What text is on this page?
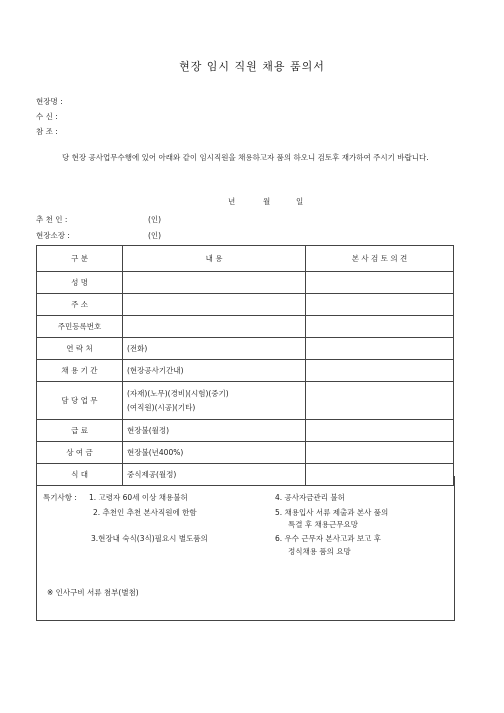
현장 임시 직원 채용 품의서
현장명 :
수 신 :
참 조 :
당 현장 공사업무수행에 있어 아래와 같이 임시직원을 채용하고자 품의 하오니 검토후 재가하여 주시기 바랍니다.
년	월	일
추 천 인 :	(인)
현장소장 :	(인)
구 분	내 용	본 사 검 토 의 견
성 명		
주 소		
주민등록번호		
연 락 처	(전화)	
채 용 기 간	(현장공사기간내)	
담 당 업 무	(자재)(노무)(경비)(시험)(중기)
(여직원)(시공)(기타)	

급 료	현장불(월정)	
상 여 금	현장불(년400%)	
식 대	중식제공(월정)	
특기사항 : 1. 고령자 60세 이상 채용불허
2. 추천인 추천 본사직원에 한함
3.현장내 숙식(3식)필요시 별도품의
4. 공사자금관리 불허
5. 채용입사 서류 제출과 본사 품의
특결 후 채용근무요망
6. 우수 근무자 본사고과 보고 후
정식채용 품의 요망
※ 인사구비 서류 첨부(별첨)
